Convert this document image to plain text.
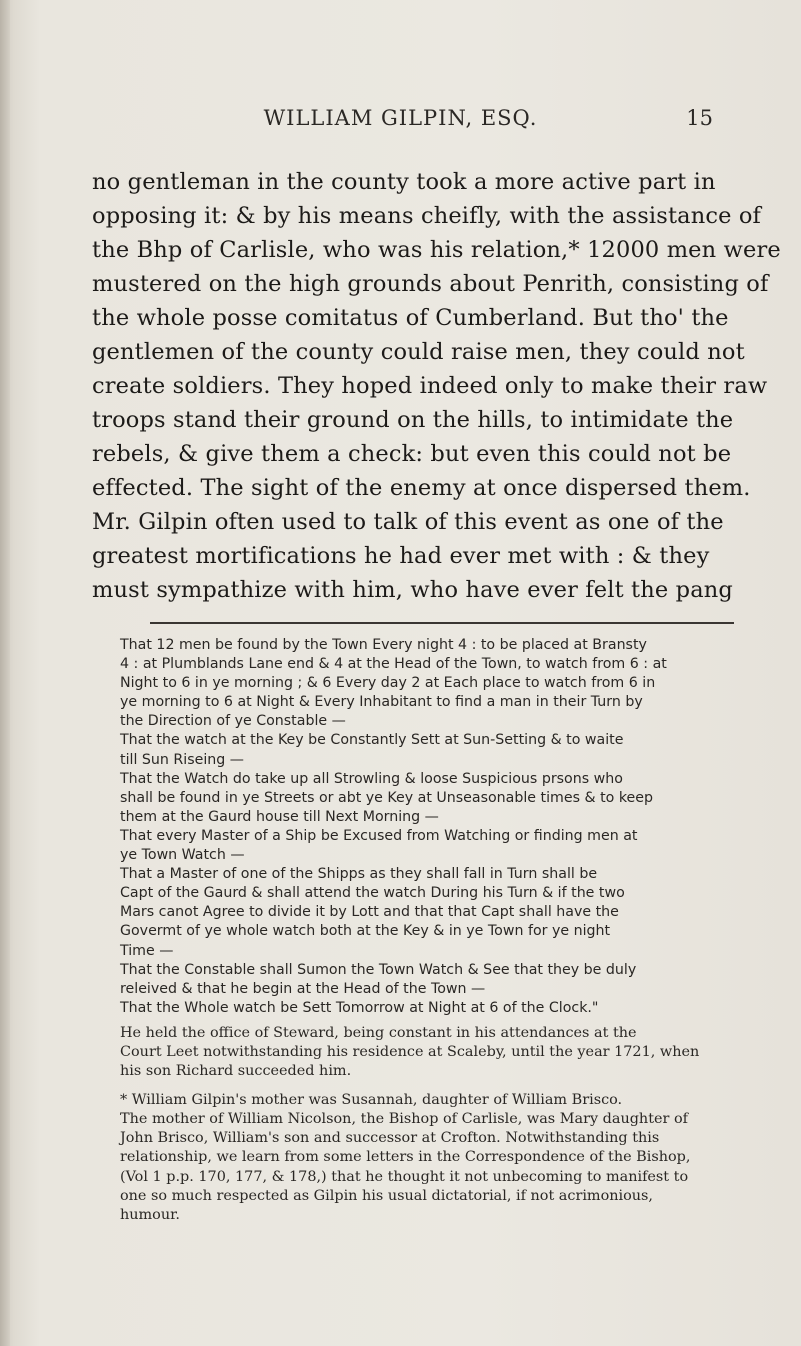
WILLIAM GILPIN, ESQ.	15
no gentleman in the county took a more active part in
opposing it: & by his means cheifly, with the assistance of
the Bhp of Carlisle, who was his relation,* 12000 men were
mustered on the high grounds about Penrith, consisting of
the whole posse comitatus of Cumberland. But tho' the
gentlemen of the county could raise men, they could not
create soldiers. They hoped indeed only to make their raw
troops stand their ground on the hills, to intimidate the
rebels, & give them a check: but even this could not be
effected. The sight of the enemy at once dispersed them.
Mr. Gilpin often used to talk of this event as one of the
greatest mortifications he had ever met with : & they
must sympathize with him, who have ever felt the pang
That 12 men be found by the Town Every night 4 : to be placed at Bransty
4 : at Plumblands Lane end & 4 at the Head of the Town, to watch from 6 : at
Night to 6 in ye morning ; & 6 Every day 2 at Each place to watch from 6 in
ye morning to 6 at Night & Every Inhabitant to find a man in their Turn by
the Direction of ye Constable —
That the watch at the Key be Constantly Sett at Sun-Setting & to waite
till Sun Riseing —
That the Watch do take up all Strowling & loose Suspicious prsons who
shall be found in ye Streets or abt ye Key at Unseasonable times & to keep
them at the Gaurd house till Next Morning —
That every Master of a Ship be Excused from Watching or finding men at
ye Town Watch —
That a Master of one of the Shipps as they shall fall in Turn shall be
Capt of the Gaurd & shall attend the watch During his Turn & if the two
Mars canot Agree to divide it by Lott and that that Capt shall have the
Govermt of ye whole watch both at the Key & in ye Town for ye night
Time —
That the Constable shall Sumon the Town Watch & See that they be duly
releived & that he begin at the Head of the Town —
That the Whole watch be Sett Tomorrow at Night at 6 of the Clock."
He held the office of Steward, being constant in his attendances at the
Court Leet notwithstanding his residence at Scaleby, until the year 1721, when
his son Richard succeeded him.
* William Gilpin's mother was Susannah, daughter of William Brisco.
The mother of William Nicolson, the Bishop of Carlisle, was Mary daughter of
John Brisco, William's son and successor at Crofton. Notwithstanding this
relationship, we learn from some letters in the Correspondence of the Bishop,
(Vol 1 p.p. 170, 177, & 178,) that he thought it not unbecoming to manifest to
one so much respected as Gilpin his usual dictatorial, if not acrimonious,
humour.
